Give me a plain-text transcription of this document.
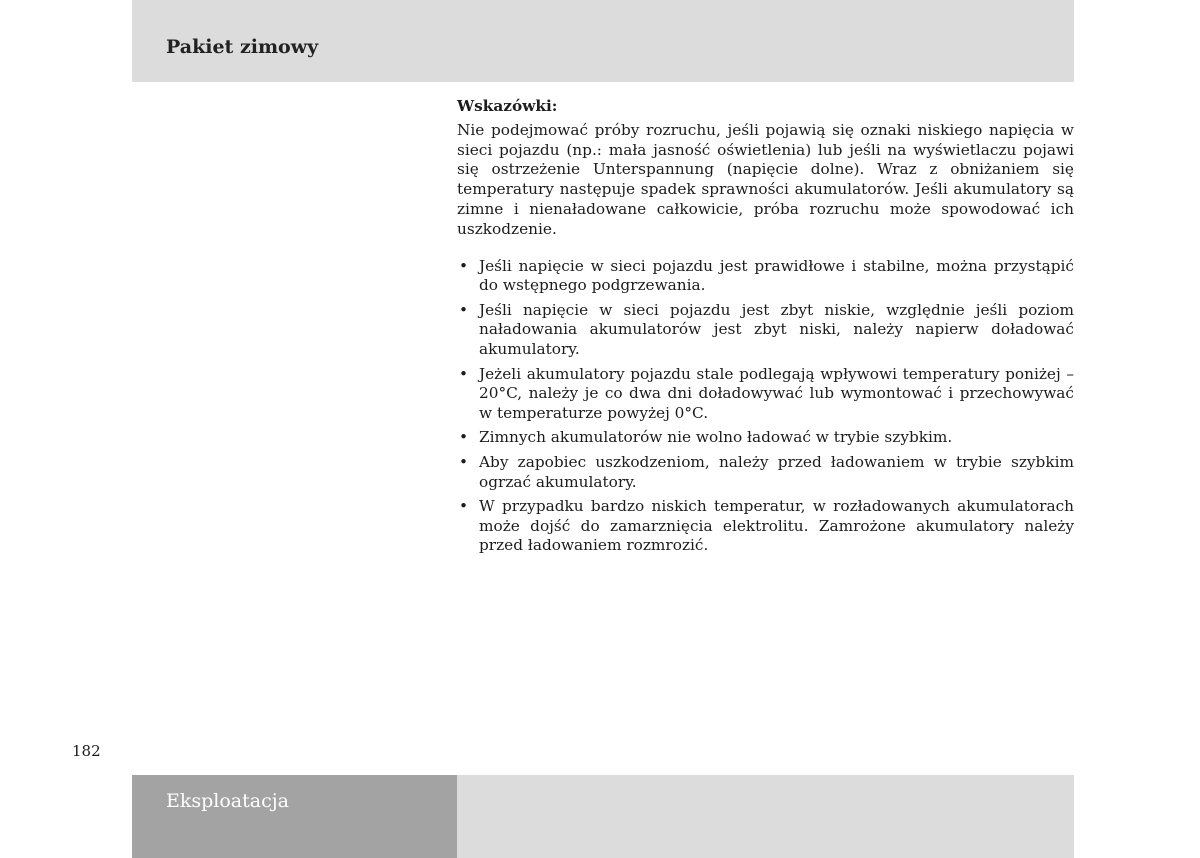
Pakiet zimowy

Wskazówki:

Nie podejmować próby rozruchu, jeśli pojawią się oznaki niskiego napięcia w sieci pojazdu (np.: mała jasność oświetlenia) lub jeśli na wyświetlaczu pojawi się ostrzeżenie Unterspannung (napięcie dolne). Wraz z obniżaniem się temperatury następuje spadek sprawności akumulatorów. Jeśli akumulatory są zimne i nienaładowane całkowicie, próba rozruchu może spowodować ich uszkodzenie.

• Jeśli napięcie w sieci pojazdu jest prawidłowe i stabilne, można przystąpić do wstępnego podgrzewania.
• Jeśli napięcie w sieci pojazdu jest zbyt niskie, względnie jeśli poziom naładowania akumulatorów jest zbyt niski, należy napierw doładować akumulatory.
• Jeżeli akumulatory pojazdu stale podlegają wpływowi temperatury poniżej –20°C, należy je co dwa dni doładowywać lub wymontować i przechowywać w temperaturze powyżej 0°C.
• Zimnych akumulatorów nie wolno ładować w trybie szybkim.
• Aby zapobiec uszkodzeniom, należy przed ładowaniem w trybie szybkim ogrzać akumulatory.
• W przypadku bardzo niskich temperatur, w rozładowanych akumulatorach może dojść do zamarznięcia elektrolitu. Zamrożone akumulatory należy przed ładowaniem rozmrozić.
182
Eksploatacja
